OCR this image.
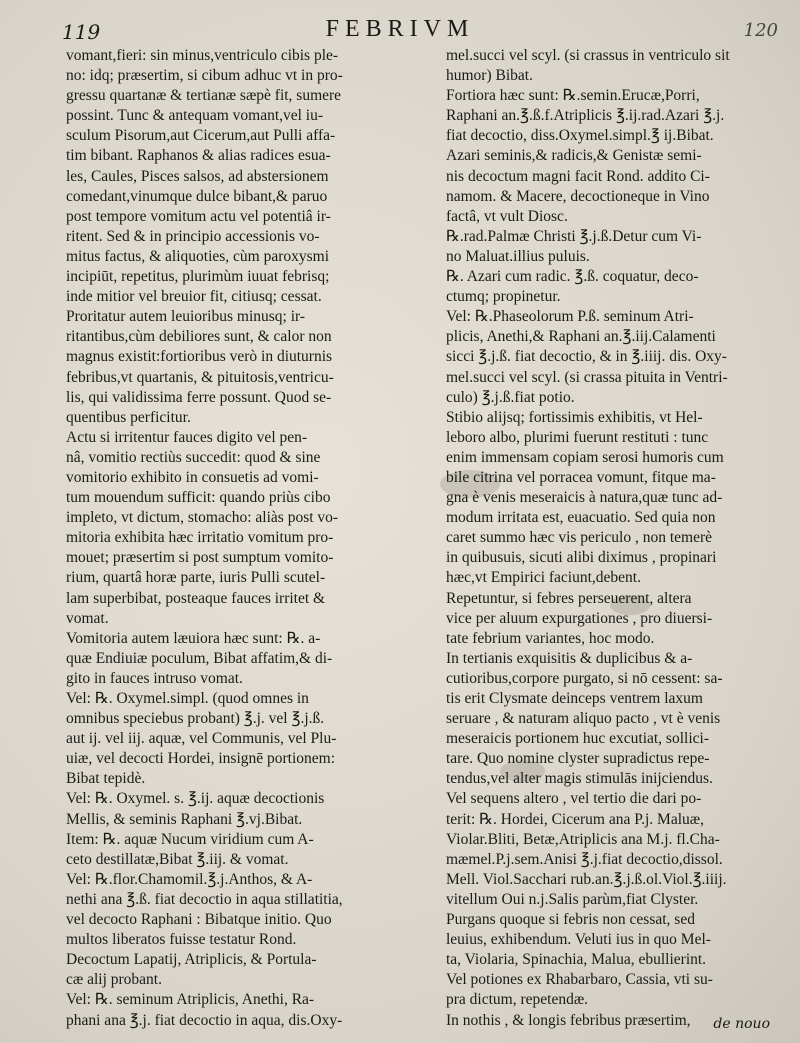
119	FEBRIVM	120
vomant,fieri: sin minus,ventriculo cibis ple-
no: idq; præsertim, si cibum adhuc vt in pro-
gressu quartanæ & tertianæ sæpè fit, sumere
possint. Tunc & antequam vomant,vel iu-
sculum Pisorum,aut Cicerum,aut Pulli affa-
tim bibant. Raphanos & alias radices esua-
les, Caules, Pisces salsos, ad abstersionem
comedant,vinumque dulce bibant,& paruo
post tempore vomitum actu vel potentiâ ir-
ritent. Sed & in principio accessionis vo-
mitus factus, & aliquoties, cùm paroxysmi
incipiūt, repetitus, plurimùm iuuat febrisq;
inde mitior vel breuior fit, citiusq; cessat.
Proritatur autem leuioribus minusq; ir-
ritantibus,cùm debiliores sunt, & calor non
magnus existit:fortioribus verò in diuturnis
febribus,vt quartanis, & pituitosis,ventricu-
lis, qui validissima ferre possunt. Quod se-
quentibus perficitur.
Actu si irritentur fauces digito vel pen-
nâ, vomitio rectiùs succedit: quod & sine
vomitorio exhibito in consuetis ad vomi-
tum mouendum sufficit: quando priùs cibo
impleto, vt dictum, stomacho: aliàs post vo-
mitoria exhibita hæc irritatio vomitum pro-
mouet; præsertim si post sumptum vomito-
rium, quartâ horæ parte, iuris Pulli scutel-
lam superbibat, posteaque fauces irritet &
vomat.
Vomitoria autem læuiora hæc sunt: ℞. a-
quæ Endiuiæ poculum, Bibat affatim,& di-
gito in fauces intruso vomat.
Vel: ℞. Oxymel.simpl. (quod omnes in
omnibus speciebus probant) ℥.j. vel ℥.j.ß.
aut ij. vel iij. aquæ, vel Communis, vel Plu-
uiæ, vel decocti Hordei, insignē portionem:
Bibat tepidè.
Vel: ℞. Oxymel. s. ℥.ij. aquæ decoctionis
Mellis, & seminis Raphani ℥.vj.Bibat.
Item: ℞. aquæ Nucum viridium cum A-
ceto destillatæ,Bibat ℥.iij. & vomat.
Vel: ℞.flor.Chamomil.℥.j.Anthos, & A-
nethi ana ℥.ß. fiat decoctio in aqua stillatitia,
vel decocto Raphani : Bibatque initio. Quo
multos liberatos fuisse testatur Rond.
Decoctum Lapatij, Atriplicis, & Portula-
cæ alij probant.
Vel: ℞. seminum Atriplicis, Anethi, Ra-
phani ana ℥.j. fiat decoctio in aqua, dis.Oxy-
mel.succi vel scyl. (si crassus in ventriculo sit
humor) Bibat.
Fortiora hæc sunt: ℞.semin.Erucæ,Porri,
Raphani an.℥.ß.f.Atriplicis ℥.ij.rad.Azari ℥.j.
fiat decoctio, diss.Oxymel.simpl.℥ ij.Bibat.
Azari seminis,& radicis,& Genistæ semi-
nis decoctum magni facit Rond. addito Ci-
namom. & Macere, decoctioneque in Vino
factâ, vt vult Diosc.
℞.rad.Palmæ Christi ℥.j.ß.Detur cum Vi-
no Maluat.illius puluis.
℞. Azari cum radic. ℥.ß. coquatur, deco-
ctumq; propinetur.
Vel: ℞.Phaseolorum P.ß. seminum Atri-
plicis, Anethi,& Raphani an.℥.iij.Calamenti
sicci ℥.j.ß. fiat decoctio, & in ℥.iiij. dis. Oxy-
mel.succi vel scyl. (si crassa pituita in Ventri-
culo) ℥.j.ß.fiat potio.
Stibio alijsq; fortissimis exhibitis, vt Hel-
leboro albo, plurimi fuerunt restituti : tunc
enim immensam copiam serosi humoris cum
bile citrina vel porracea vomunt, fitque ma-
gna è venis meseraicis à natura,quæ tunc ad-
modum irritata est, euacuatio. Sed quia non
caret summo hæc vis periculo , non temerè
in quibusuis, sicuti alibi diximus , propinari
hæc,vt Empirici faciunt,debent.
Repetuntur, si febres perseuerent, altera
vice per aluum expurgationes , pro diuersi-
tate febrium variantes, hoc modo.
In tertianis exquisitis & duplicibus & a-
cutioribus,corpore purgato, si nō cessent: sa-
tis erit Clysmate deinceps ventrem laxum
seruare , & naturam aliquo pacto , vt è venis
meseraicis portionem huc excutiat, sollici-
tare. Quo nomine clyster supradictus repe-
tendus,vel alter magis stimulās inijciendus.
Vel sequens altero , vel tertio die dari po-
terit: ℞. Hordei, Cicerum ana P.j. Maluæ,
Violar.Bliti, Betæ,Atriplicis ana M.j. fl.Cha-
mæmel.P.j.sem.Anisi ℥.j.fiat decoctio,dissol.
Mell. Viol.Sacchari rub.an.℥.j.ß.ol.Viol.℥.iiij.
vitellum Oui n.j.Salis parùm,fiat Clyster.
Purgans quoque si febris non cessat, sed
leuius, exhibendum. Veluti ius in quo Mel-
ta, Violaria, Spinachia, Malua, ebullierint.
Vel potiones ex Rhabarbaro, Cassia, vti su-
pra dictum, repetendæ.
In nothis , & longis febribus præsertim,	de nouo
